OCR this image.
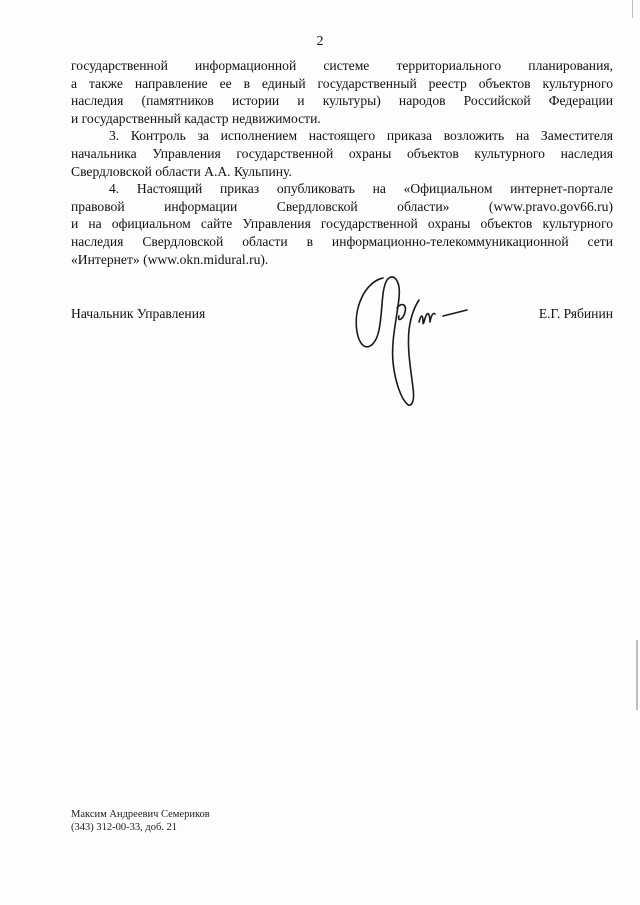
2

государственной информационной системе территориального планирования,
а также направление ее в единый государственный реестр объектов культурного
наследия (памятников истории и культуры) народов Российской Федерации
и государственный кадастр недвижимости.

3. Контроль за исполнением настоящего приказа возложить на Заместителя
начальника Управления государственной охраны объектов культурного наследия
Свердловской области А.А. Кульпину.

4. Настоящий приказ опубликовать на «Официальном интернет-портале
правовой информации Свердловской области» (www.pravo.gov66.ru)
и на официальном сайте Управления государственной охраны объектов культурного
наследия Свердловской области в информационно-телекоммуникационной сети
«Интернет» (www.okn.midural.ru).

Начальник Управления	Е.Г. Рябинин
Максим Андреевич Семериков
(343) 312-00-33, доб. 21
